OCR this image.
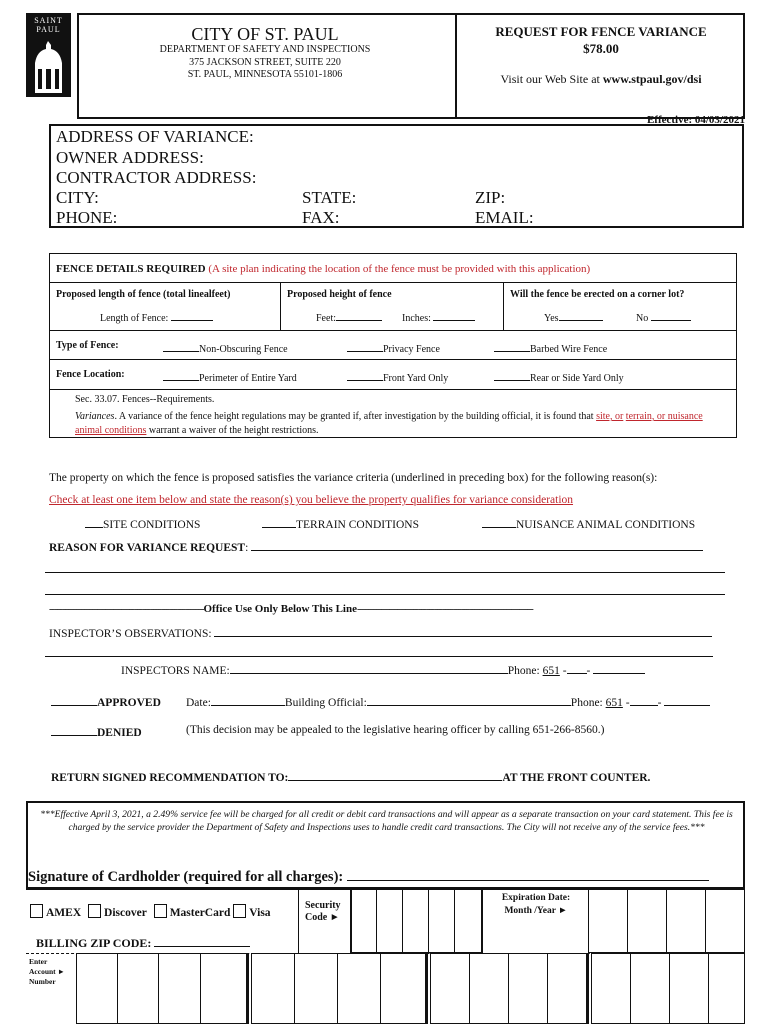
SAINT PAUL	CITY OF ST. PAUL
DEPARTMENT OF SAFETY AND INSPECTIONS
375 JACKSON STREET, SUITE 220
ST. PAUL, MINNESOTA 55101-1806
REQUEST FOR FENCE VARIANCE
$78.00
Visit our Web Site at www.stpaul.gov/dsi
Effective: 04/03/2021
ADDRESS OF VARIANCE:
OWNER ADDRESS:
CONTRACTOR ADDRESS:
CITY:	STATE:	ZIP:
PHONE:	FAX:	EMAIL:
FENCE DETAILS REQUIRED (A site plan indicating the location of the fence must be provided with this application)
Proposed length of fence (total linealfeet)	Proposed height of fence	Will the fence be erected on a corner lot?
Length of Fence:	Feet:	Inches:	Yes	No
Type of Fence:	Non-Obscuring Fence	Privacy Fence	Barbed Wire Fence
Fence Location:	Perimeter of Entire Yard	Front Yard Only	Rear or Side Yard Only
Sec. 33.07. Fences--Requirements.
Variances. A variance of the fence height regulations may be granted if, after investigation by the building official, it is found that site, or terrain, or nuisance animal conditions warrant a waiver of the height restrictions.
The property on which the fence is proposed satisfies the variance criteria (underlined in preceding box) for the following reason(s):
Check at least one item below and state the reason(s) you believe the property qualifies for variance consideration
SITE CONDITIONS	TERRAIN CONDITIONS	NUISANCE ANIMAL CONDITIONS
REASON FOR VARIANCE REQUEST:
----------------------------------------------------------Office Use Only Below This Line------------------------------------------------------------------
INSPECTOR’S OBSERVATIONS:
INSPECTORS NAME:	Phone: 651 - -
APPROVED Date:	Building Official:	Phone: 651 - -
DENIED	(This decision may be appealed to the legislative hearing officer by calling 651-266-8560.)
RETURN SIGNED RECOMMENDATION TO:	AT THE FRONT COUNTER.
***Effective April 3, 2021, a 2.49% service fee will be charged for all credit or debit card transactions and will appear as a separate transaction on your card statement. This fee is charged by the service provider the Department of Safety and Inspections uses to handle credit card transactions. The City will not receive any of the service fees.***
Signature of Cardholder (required for all charges):
AMEX Discover MasterCard Visa
Security
Code ►
Expiration Date:
Month /Year ►
BILLING ZIP CODE:
Enter
Account ►
Number
